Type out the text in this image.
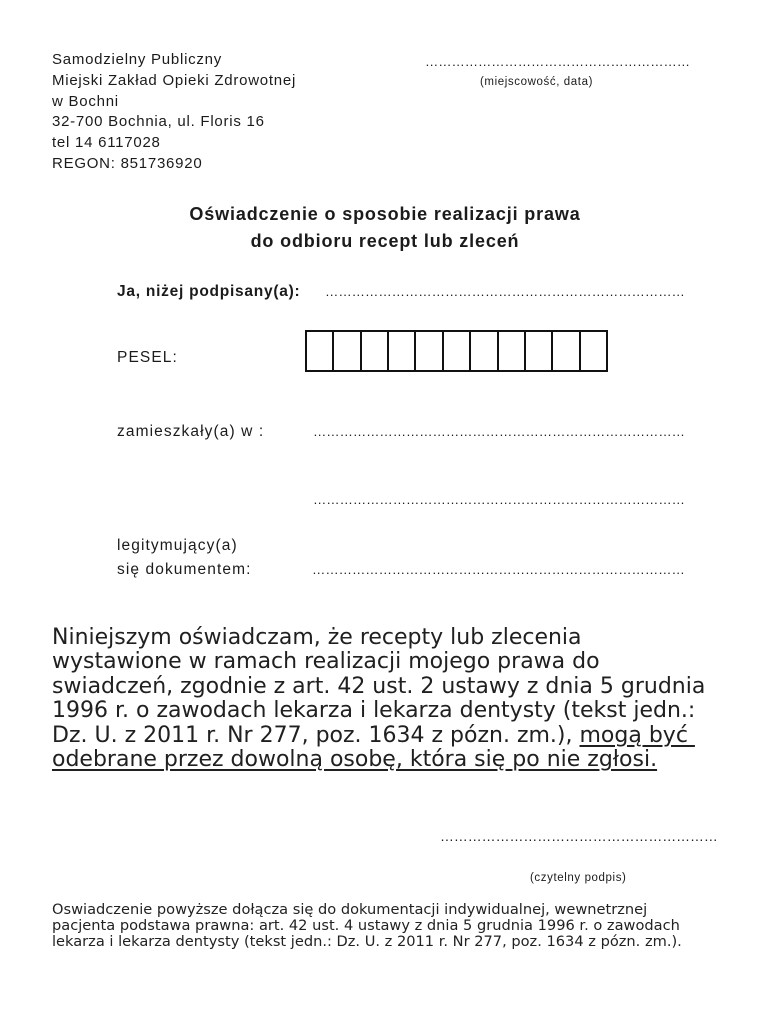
Samodzielny Publiczny
Miejski Zakład Opieki Zdrowotnej
w Bochni
32-700 Bochnia, ul. Floris 16
tel 14 6117028
REGON: 851736920
……………………………………………………
(miejscowość, data)
Oświadczenie o sposobie realizacji prawa
do odbioru recept lub zleceń
Ja, niżej podpisany(a): ………………………………………………………………………
PESEL:
zamieszkały(a) w :	…………………………………………………………………………
…………………………………………………………………………
legitymujący(a)
się dokumentem:	…………………………………………………………………………
Niniejszym oświadczam, że recepty lub zlecenia
wystawione w ramach realizacji mojego prawa do
swiadczeń, zgodnie z art. 42 ust. 2 ustawy z dnia 5 grudnia
1996 r. o zawodach lekarza i lekarza dentysty (tekst jedn.:
Dz. U. z 2011 r. Nr 277, poz. 1634 z pózn. zm.), mogą być
odebrane przez dowolną osobę, która się po nie zgłosi.
……………………………………………………
(czytelny podpis)
Oswiadczenie powyższe dołącza się do dokumentacji indywidualnej, wewnetrznej
pacjenta podstawa prawna: art. 42 ust. 4 ustawy z dnia 5 grudnia 1996 r. o zawodach
lekarza i lekarza dentysty (tekst jedn.: Dz. U. z 2011 r. Nr 277, poz. 1634 z pózn. zm.).
